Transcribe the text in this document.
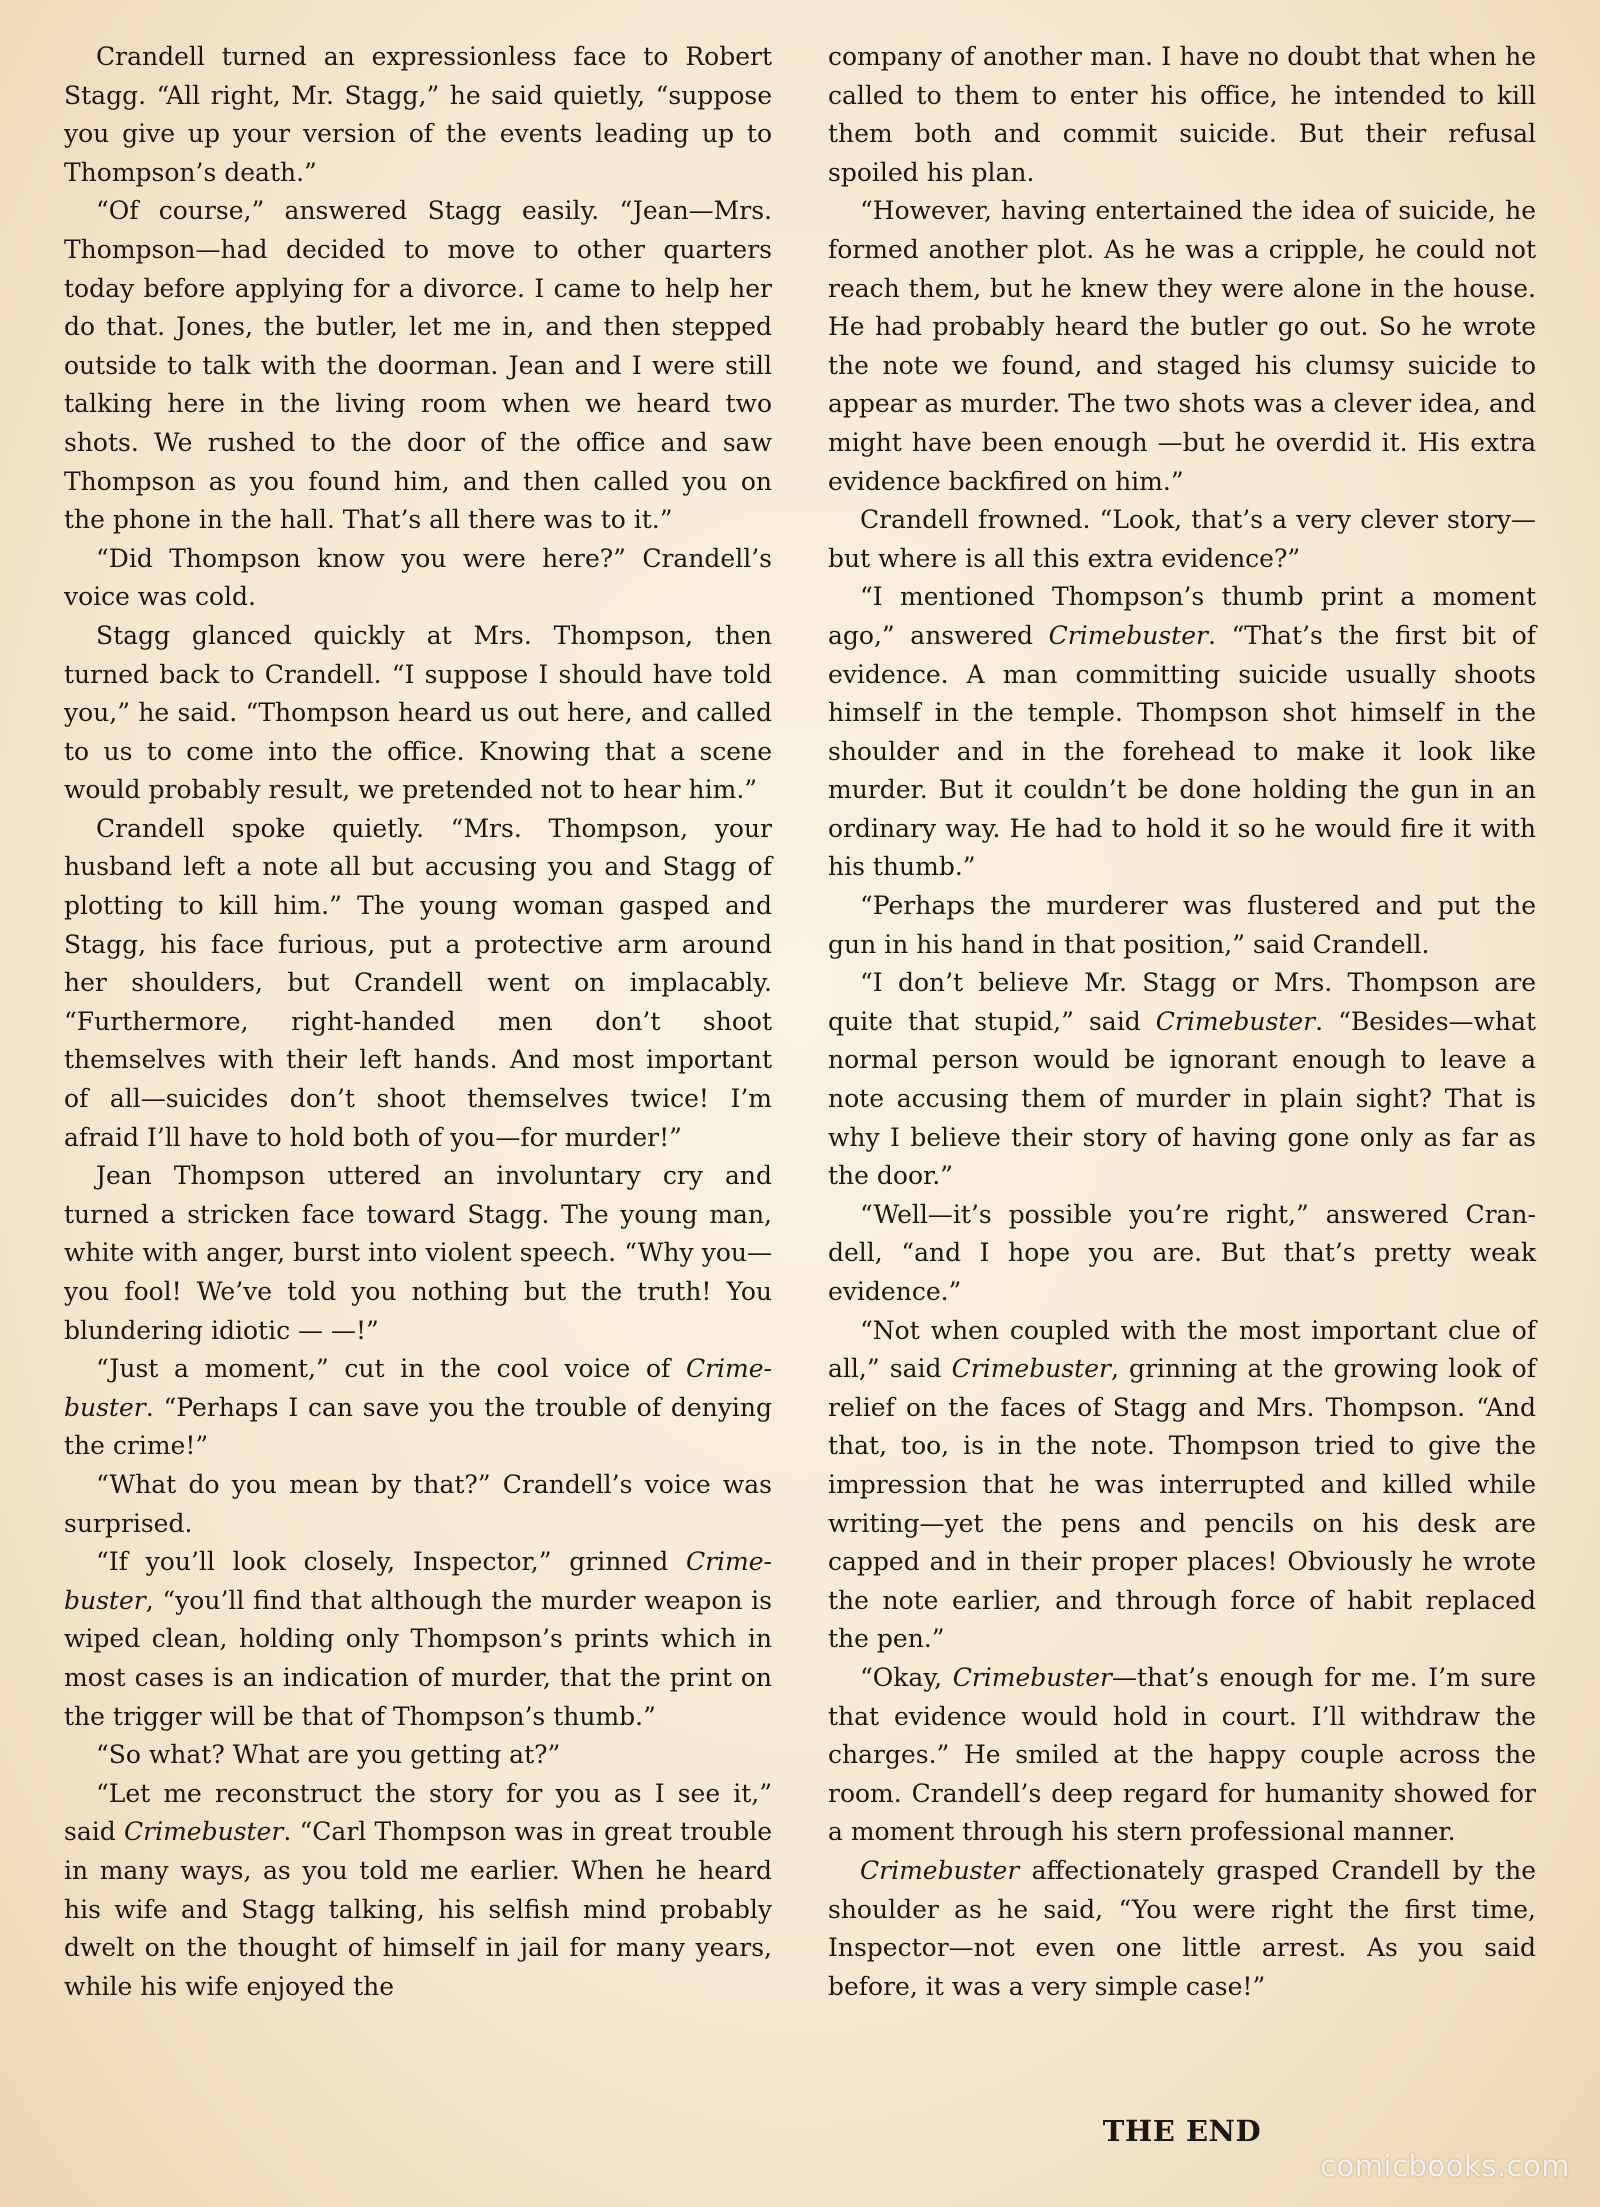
Crandell turned an expressionless face to Robert Stagg. “All right, Mr. Stagg,” he said quietly, “suppose you give up your version of the events leading up to Thompson’s death.”

“Of course,” answered Stagg easily. “Jean—Mrs. Thompson—had decided to move to other quarters today before applying for a divorce. I came to help her do that. Jones, the butler, let me in, and then stepped outside to talk with the doorman. Jean and I were still talking here in the living room when we heard two shots. We rushed to the door of the office and saw Thompson as you found him, and then called you on the phone in the hall. That’s all there was to it.”

“Did Thompson know you were here?” Crandell’s voice was cold.

Stagg glanced quickly at Mrs. Thompson, then turned back to Crandell. “I suppose I should have told you,” he said. “Thompson heard us out here, and called to us to come into the office. Knowing that a scene would probably result, we pretended not to hear him.”

Crandell spoke quietly. “Mrs. Thompson, your husband left a note all but accusing you and Stagg of plotting to kill him.” The young woman gasped and Stagg, his face furious, put a protective arm around her shoulders, but Crandell went on implacably. “Furthermore, right-handed men don’t shoot themselves with their left hands. And most important of all—suicides don’t shoot themselves twice! I’m afraid I’ll have to hold both of you—for murder!”

Jean Thompson uttered an involuntary cry and turned a stricken face toward Stagg. The young man, white with anger, burst into violent speech. “Why you—you fool! We’ve told you nothing but the truth! You blundering idiotic — —!”

“Just a moment,” cut in the cool voice of Crimebuster. “Perhaps I can save you the trouble of denying the crime!”

“What do you mean by that?” Crandell’s voice was surprised.

“If you’ll look closely, Inspector,” grinned Crimebuster, “you’ll find that although the murder weapon is wiped clean, holding only Thompson’s prints which in most cases is an indication of murder, that the print on the trigger will be that of Thompson’s thumb.”

“So what? What are you getting at?”

“Let me reconstruct the story for you as I see it,” said Crimebuster. “Carl Thompson was in great trouble in many ways, as you told me earlier. When he heard his wife and Stagg talking, his selfish mind probably dwelt on the thought of himself in jail for many years, while his wife enjoyed the

company of another man. I have no doubt that when he called to them to enter his office, he intended to kill them both and commit suicide. But their refusal spoiled his plan.

“However, having entertained the idea of suicide, he formed another plot. As he was a cripple, he could not reach them, but he knew they were alone in the house. He had probably heard the butler go out. So he wrote the note we found, and staged his clumsy suicide to appear as murder. The two shots was a clever idea, and might have been enough —but he overdid it. His extra evidence backfired on him.”

Crandell frowned. “Look, that’s a very clever story—but where is all this extra evidence?”

“I mentioned Thompson’s thumb print a moment ago,” answered Crimebuster. “That’s the first bit of evidence. A man committing suicide usually shoots himself in the temple. Thompson shot himself in the shoulder and in the forehead to make it look like murder. But it couldn’t be done holding the gun in an ordinary way. He had to hold it so he would fire it with his thumb.”

“Perhaps the murderer was flustered and put the gun in his hand in that position,” said Crandell.

“I don’t believe Mr. Stagg or Mrs. Thompson are quite that stupid,” said Crimebuster. “Besides—what normal person would be ignorant enough to leave a note accusing them of murder in plain sight? That is why I believe their story of having gone only as far as the door.”

“Well—it’s possible you’re right,” answered Crandell, “and I hope you are. But that’s pretty weak evidence.”

“Not when coupled with the most important clue of all,” said Crimebuster, grinning at the growing look of relief on the faces of Stagg and Mrs. Thompson. “And that, too, is in the note. Thompson tried to give the impression that he was interrupted and killed while writing—yet the pens and pencils on his desk are capped and in their proper places! Obviously he wrote the note earlier, and through force of habit replaced the pen.”

“Okay, Crimebuster—that’s enough for me. I’m sure that evidence would hold in court. I’ll withdraw the charges.” He smiled at the happy couple across the room. Crandell’s deep regard for humanity showed for a moment through his stern professional manner.

Crimebuster affectionately grasped Crandell by the shoulder as he said, “You were right the first time, Inspector—not even one little arrest. As you said before, it was a very simple case!”

THE END
comicbooks.com
